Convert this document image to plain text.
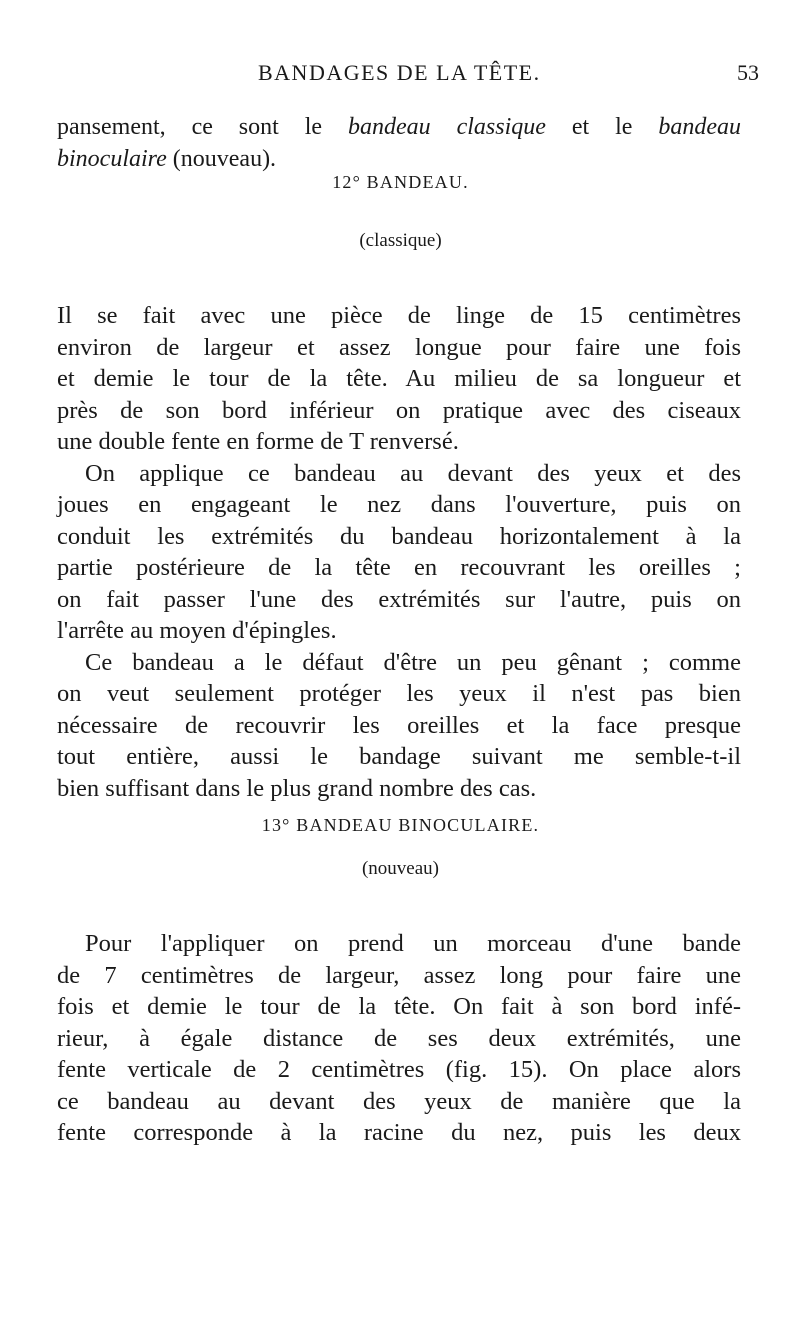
BANDAGES DE LA TÊTE.	53
pansement, ce sont le bandeau classique et le bandeau
binoculaire (nouveau).
12° BANDEAU.
(classique)
Il se fait avec une pièce de linge de 15 centimètres
environ de largeur et assez longue pour faire une fois
et demie le tour de la tête. Au milieu de sa longueur et
près de son bord inférieur on pratique avec des ciseaux
une double fente en forme de T renversé.
On applique ce bandeau au devant des yeux et des
joues en engageant le nez dans l'ouverture, puis on
conduit les extrémités du bandeau horizontalement à la
partie postérieure de la tête en recouvrant les oreilles ;
on fait passer l'une des extrémités sur l'autre, puis on
l'arrête au moyen d'épingles.
Ce bandeau a le défaut d'être un peu gênant ; comme
on veut seulement protéger les yeux il n'est pas bien
nécessaire de recouvrir les oreilles et la face presque
tout entière, aussi le bandage suivant me semble-t-il
bien suffisant dans le plus grand nombre des cas.
13° BANDEAU BINOCULAIRE.
(nouveau)
Pour l'appliquer on prend un morceau d'une bande
de 7 centimètres de largeur, assez long pour faire une
fois et demie le tour de la tête. On fait à son bord infé-
rieur, à égale distance de ses deux extrémités, une
fente verticale de 2 centimètres (fig. 15). On place alors
ce bandeau au devant des yeux de manière que la
fente corresponde à la racine du nez, puis les deux
